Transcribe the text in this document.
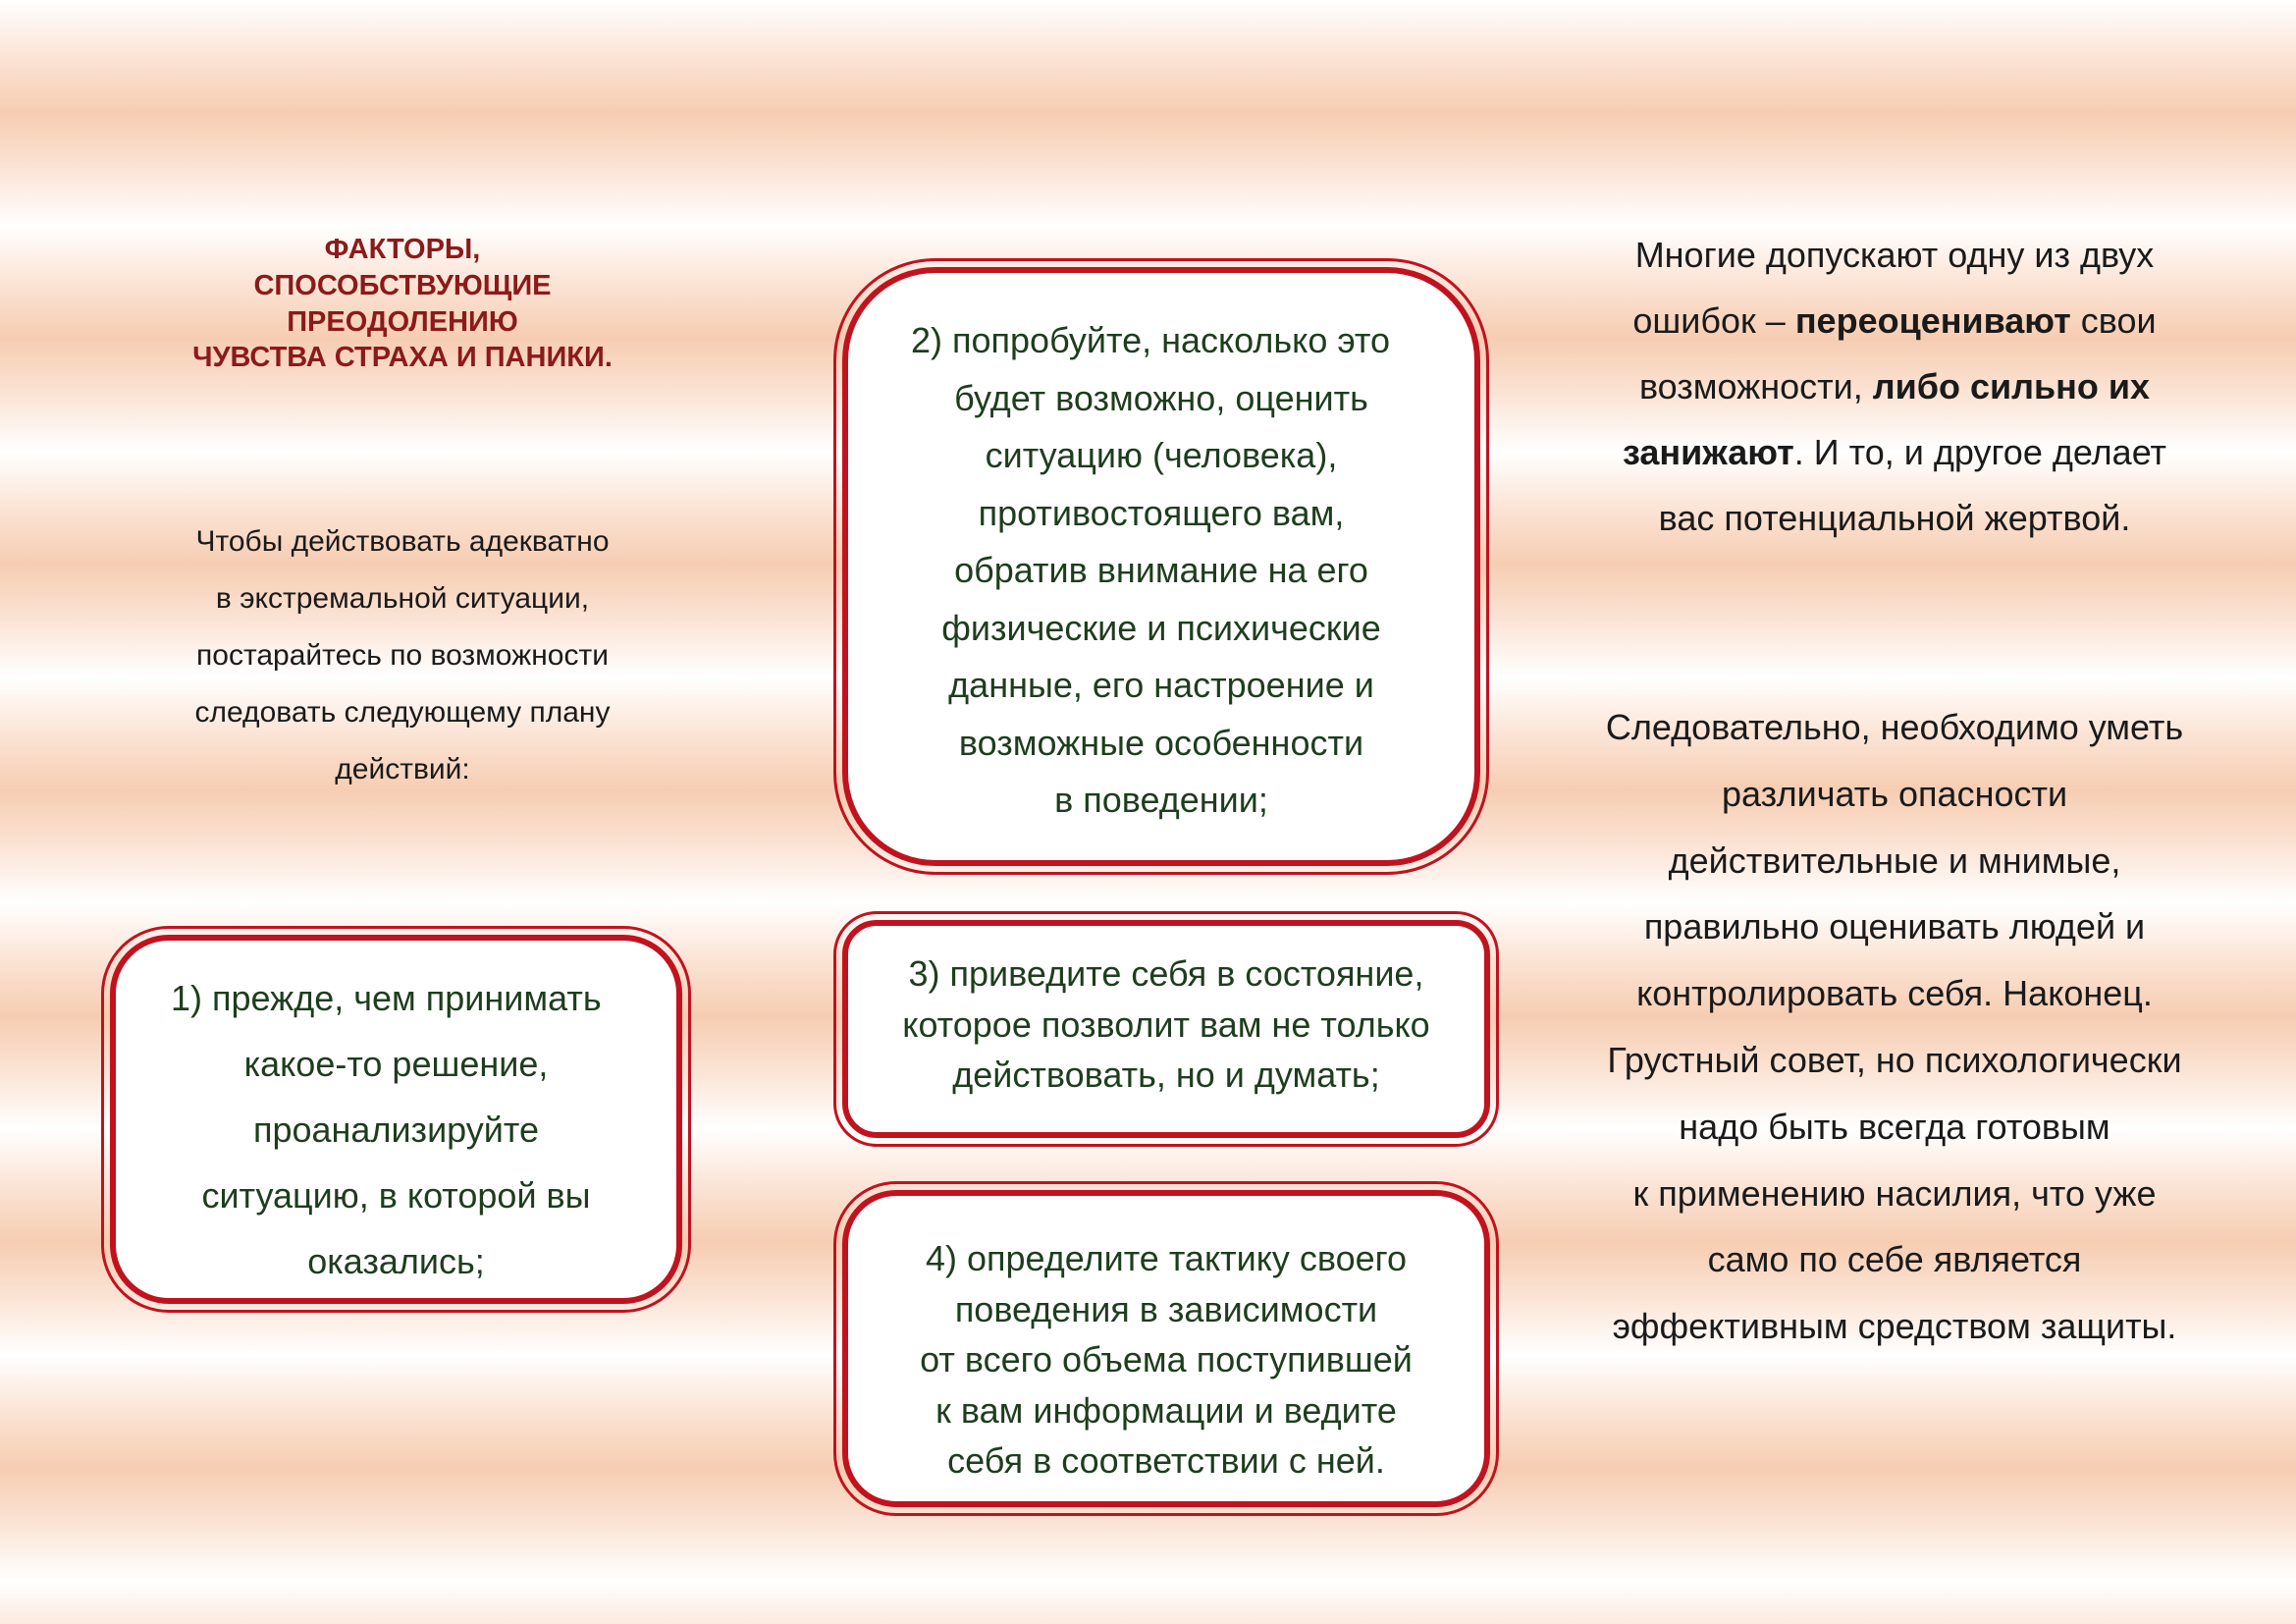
ФАКТОРЫ,
СПОСОБСТВУЮЩИЕ
ПРЕОДОЛЕНИЮ
ЧУВСТВА СТРАХА И ПАНИКИ.
Чтобы действовать адекватно
в экстремальной ситуации,
постарайтесь по возможности
следовать следующему плану
действий:
1) прежде, чем принимать
какое-то решение,
проанализируйте
ситуацию, в которой вы
оказались;
2) попробуйте, насколько это
будет возможно, оценить
ситуацию (человека),
противостоящего вам,
обратив внимание на его
физические и психические
данные, его настроение и
возможные особенности
в поведении;
3) приведите себя в состояние,
которое позволит вам не только
действовать, но и думать;
4) определите тактику своего
поведения в зависимости
от всего объема поступившей
к вам информации и ведите
себя в соответствии с ней.
Многие допускают одну из двух
ошибок – переоценивают свои
возможности, либо сильно их
занижают. И то, и другое делает
вас потенциальной жертвой.
Следовательно, необходимо уметь
различать опасности
действительные и мнимые,
правильно оценивать людей и
контролировать себя. Наконец.
Грустный совет, но психологически
надо быть всегда готовым
к применению насилия, что уже
само по себе является
эффективным средством защиты.
